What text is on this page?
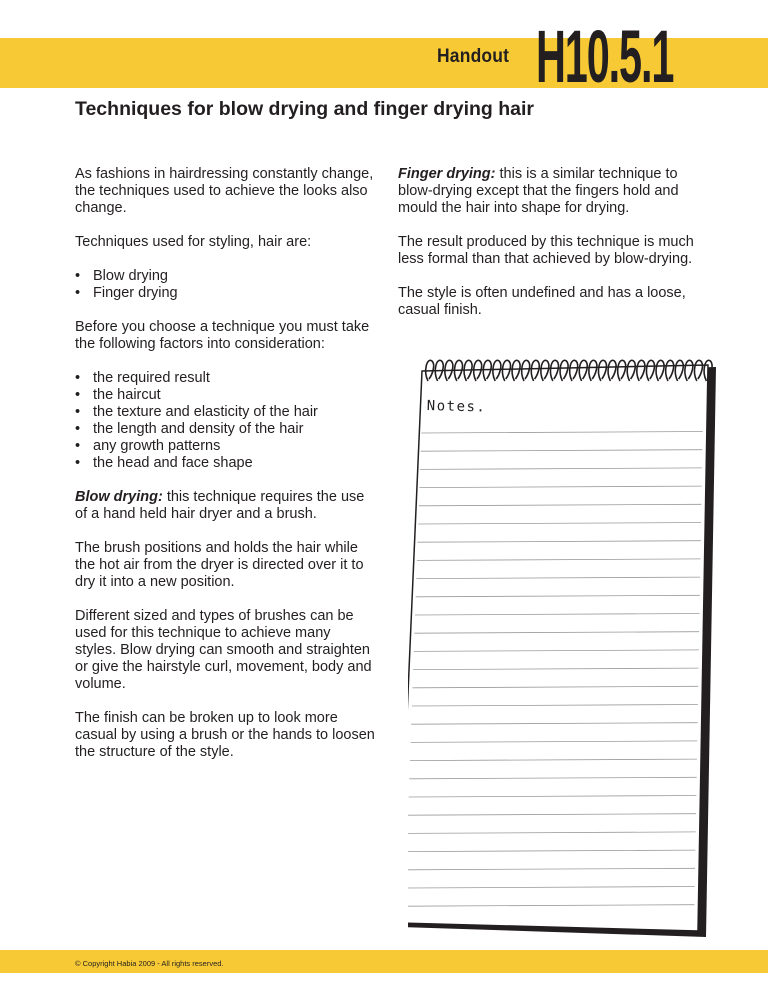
Handout H10.5.1
Techniques for blow drying and finger drying hair

As fashions in hairdressing constantly change, the techniques used to achieve the looks also change.

Techniques used for styling, hair are:

• Blow drying
• Finger drying

Before you choose a technique you must take the following factors into consideration:

• the required result
• the haircut
• the texture and elasticity of the hair
• the length and density of the hair
• any growth patterns
• the head and face shape

Blow drying: this technique requires the use of a hand held hair dryer and a brush.

The brush positions and holds the hair while the hot air from the dryer is directed over it to dry it into a new position.

Different sized and types of brushes can be used for this technique to achieve many styles. Blow drying can smooth and straighten or give the hairstyle curl, movement, body and volume.

The finish can be broken up to look more casual by using a brush or the hands to loosen the structure of the style.

Finger drying: this is a similar technique to blow-drying except that the fingers hold and mould the hair into shape for drying.

The result produced by this technique is much less formal than that achieved by blow-drying.

The style is often undefined and has a loose, casual finish.

Notes.
© Copyright Habia 2009 - All rights reserved.
